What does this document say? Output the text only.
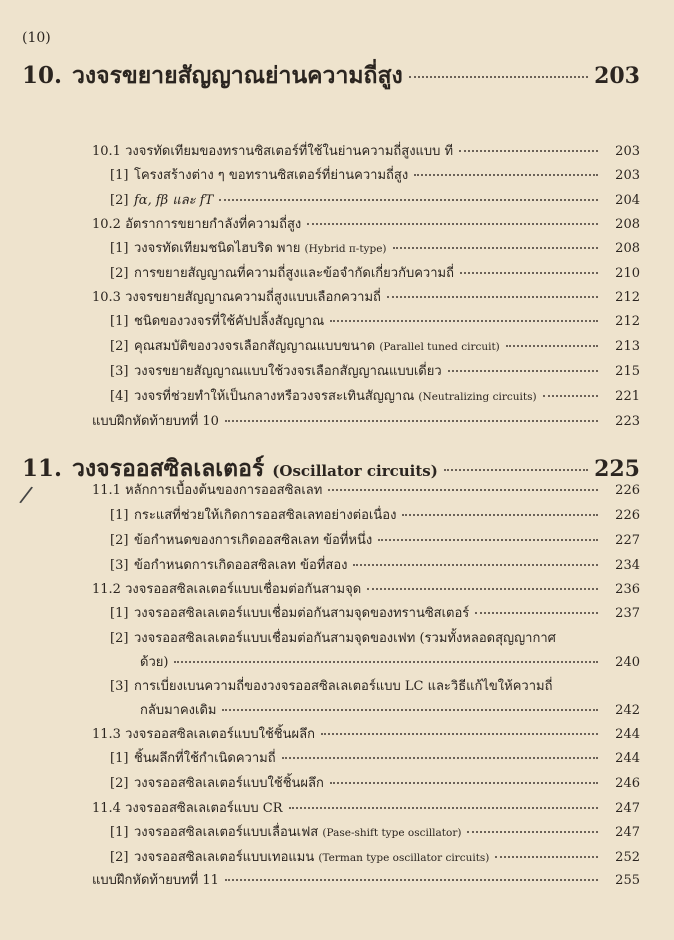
(10)
10. วงจรขยายสัญญาณย่านความถี่สูง	203
10.1 วงจรทัดเทียมของทรานซิสเตอร์ที่ใช้ในย่านความถี่สูงแบบ ที	203
[1] โครงสร้างต่าง ๆ ขอทรานซิสเตอร์ที่ย่านความถี่สูง	203
[2] fα, fβ และ fT	204
10.2 อัตราการขยายกำลังที่ความถี่สูง	208
[1] วงจรทัดเทียมชนิดไฮบริด พาย
(Hybrid π-type)	208
[2] การขยายสัญญาณที่ความถี่สูงและข้อจำกัดเกี่ยวกับความถี่	210
10.3 วงจรขยายสัญญาณความถี่สูงแบบเลือกความถี่	212
[1] ชนิดของวงจรที่ใช้คัปปลิ้งสัญญาณ	212
[2] คุณสมบัติของวงจรเลือกสัญญาณแบบขนาด
(Parallel tuned circuit)	213
[3] วงจรขยายสัญญาณแบบใช้วงจรเลือกสัญญาณแบบเดี่ยว	215
[4] วงจรที่ช่วยทำให้เป็นกลางหรือวงจรสะเทินสัญญาณ
(Neutralizing circuits)	221
แบบฝึกหัดท้ายบทที่ 10	223
11./
วงจรออสซิลเลเตอร์
(Oscillator circuits)	225
11.1 หลักการเบื้องต้นของการออสซิลเลท	226
[1] กระแสที่ช่วยให้เกิดการออสซิลเลทอย่างต่อเนื่อง	226
[2] ข้อกำหนดของการเกิดออสซิลเลท ข้อที่หนึ่ง	227
[3] ข้อกำหนดการเกิดออสซิลเลท ข้อที่สอง	234
11.2 วงจรออสซิลเลเตอร์แบบเชื่อมต่อกันสามจุด	236
[1] วงจรออสซิลเลเตอร์แบบเชื่อมต่อกันสามจุดของทรานซิสเตอร์	237
[2] วงจรออสซิลเลเตอร์แบบเชื่อมต่อกันสามจุดของเฟท (รวมทั้งหลอดสุญญากาศ
ด้วย)	240
[3] การเบี่ยงเบนความถี่ของวงจรออสซิลเลเตอร์แบบ LC และวิธีแก้ไขให้ความถี่
กลับมาคงเดิม	242
11.3 วงจรออสซิลเลเตอร์แบบใช้ชิ้นผลึก	244
[1] ชิ้นผลึกที่ใช้กำเนิดความถี่	244
[2] วงจรออสซิลเลเตอร์แบบใช้ชิ้นผลึก	246
11.4 วงจรออสซิลเลเตอร์แบบ CR	247
[1] วงจรออสซิลเลเตอร์แบบเลื่อนเฟส
(Pase-shift type oscillator)	247
[2] วงจรออสซิลเลเตอร์แบบเทอแมน
(Terman type oscillator circuits)	252
แบบฝึกหัดท้ายบทที่ 11	255
